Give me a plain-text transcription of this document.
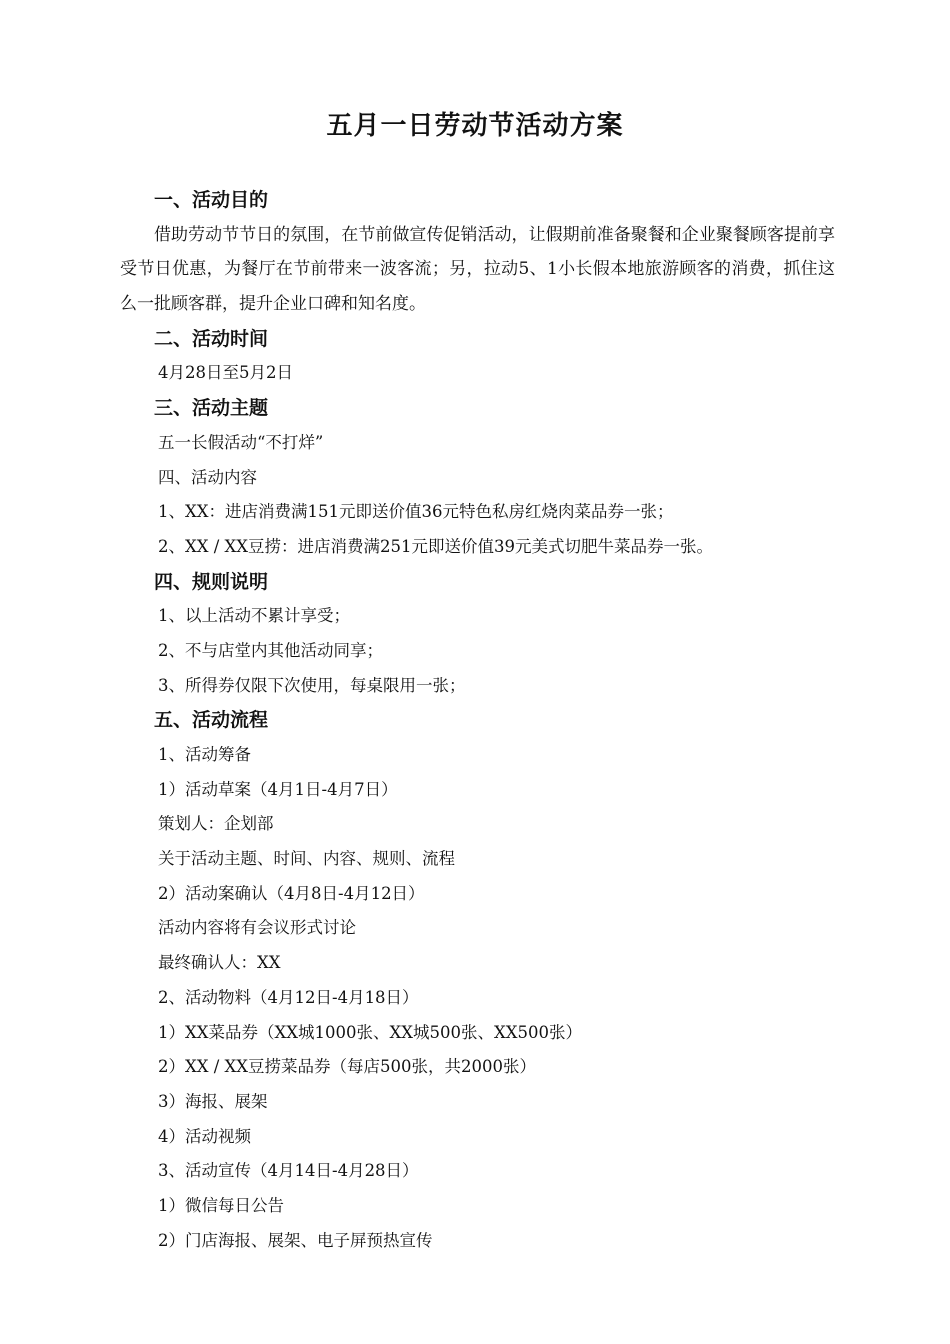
五月一日劳动节活动方案
一、活动目的

借助劳动节节日的氛围，在节前做宣传促销活动，让假期前准备聚餐和企业聚餐顾客提前享受节日优惠，为餐厅在节前带来一波客流；另，拉动5、1小长假本地旅游顾客的消费，抓住这么一批顾客群，提升企业口碑和知名度。

二、活动时间
4月28日至5月2日
三、活动主题
五一长假活动“不打烊”
四、活动内容
1、XX：进店消费满151元即送价值36元特色私房红烧肉菜品券一张；
2、XX / XX豆捞：进店消费满251元即送价值39元美式切肥牛菜品券一张。
四、规则说明
1、以上活动不累计享受；
2、不与店堂内其他活动同享；
3、所得券仅限下次使用，每桌限用一张；
五、活动流程
1、活动筹备
1）活动草案（4月1日-4月7日）
策划人：企划部
关于活动主题、时间、内容、规则、流程
2）活动案确认（4月8日-4月12日）
活动内容将有会议形式讨论
最终确认人：XX
2、活动物料（4月12日-4月18日）
1）XX菜品券（XX城1000张、XX城500张、XX500张）
2）XX / XX豆捞菜品券（每店500张，共2000张）
3）海报、展架
4）活动视频
3、活动宣传（4月14日-4月28日）
1）微信每日公告
2）门店海报、展架、电子屏预热宣传
